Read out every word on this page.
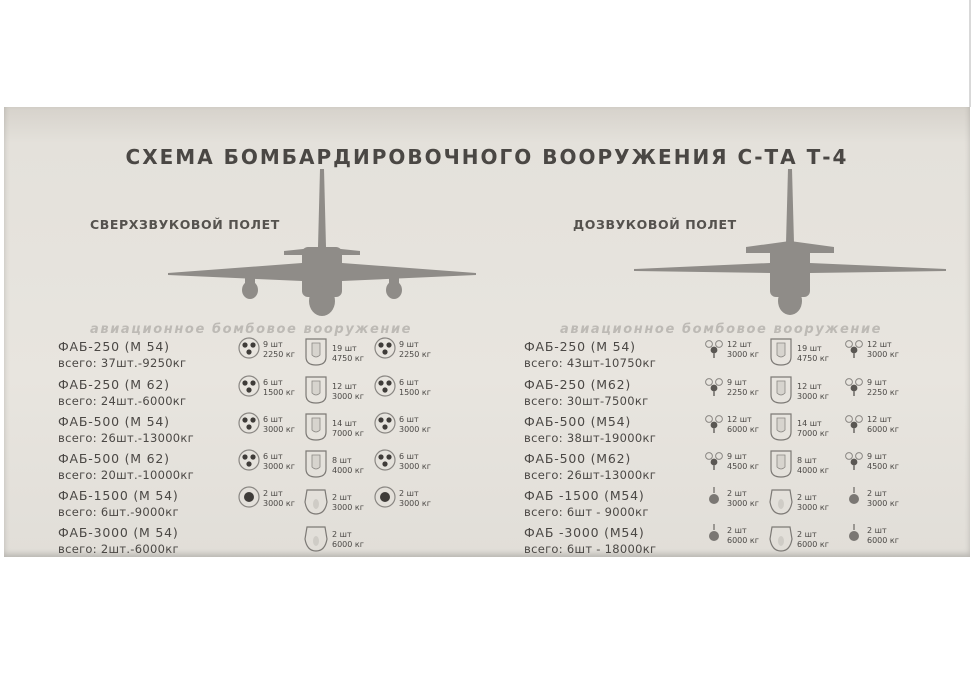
СХЕМА БОМБАРДИРОВОЧНОГО ВООРУЖЕНИЯ С-ТА Т-4
СВЕРХЗВУКОВОЙ ПОЛЕТ	ДОЗВУКОВОЙ ПОЛЕТ
авиационное бомбовое вооружение	авиационное бомбовое вооружение
ФАБ-250 (М 54)
всего: 37шт.-9250кг
9 шт
2250 кг
19 шт
4750 кг
9 шт
2250 кг
ФАБ-250 (М 62)
всего: 24шт.-6000кг
6 шт
1500 кг
12 шт
3000 кг
6 шт
1500 кг
ФАБ-500 (М 54)
всего: 26шт.-13000кг
6 шт
3000 кг
14 шт
7000 кг
6 шт
3000 кг
ФАБ-500 (М 62)
всего: 20шт.-10000кг
6 шт
3000 кг
8 шт
4000 кг
6 шт
3000 кг
ФАБ-1500 (М 54)
всего: 6шт.-9000кг
2 шт
3000 кг
2 шт
3000 кг
2 шт
3000 кг
ФАБ-3000 (М 54)
всего: 2шт.-6000кг
2 шт
6000 кг
ФАБ-250 (М 54)
всего: 43шт-10750кг
12 шт
3000 кг
19 шт
4750 кг
12 шт
3000 кг
ФАБ-250 (М62)
всего: 30шт-7500кг
9 шт
2250 кг
12 шт
3000 кг
9 шт
2250 кг
ФАБ-500 (М54)
всего: 38шт-19000кг
12 шт
6000 кг
14 шт
7000 кг
12 шт
6000 кг
ФАБ-500 (М62)
всего: 26шт-13000кг
9 шт
4500 кг
8 шт
4000 кг
9 шт
4500 кг
ФАБ -1500 (М54)
всего: 6шт - 9000кг
2 шт
3000 кг
2 шт
3000 кг
2 шт
3000 кг
ФАБ -3000 (М54)
всего: 6шт - 18000кг
2 шт
6000 кг
2 шт
6000 кг
2 шт
6000 кг
